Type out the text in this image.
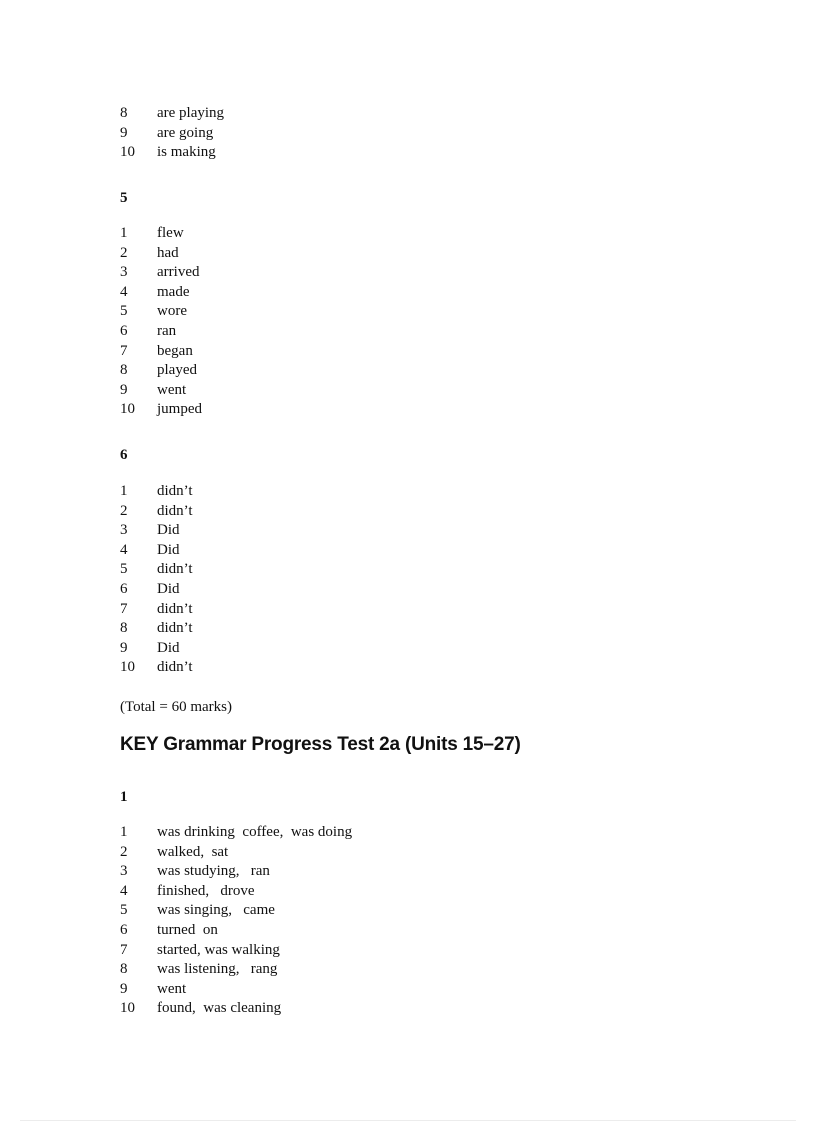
8 are playing
9 are going
10 is making
5
1 flew
2 had
3 arrived
4 made
5 wore
6 ran
7 began
8 played
9 went
10 jumped
6
1 didn’t
2 didn’t
3 Did
4 Did
5 didn’t
6 Did
7 didn’t
8 didn’t
9 Did
10 didn’t
(Total = 60 marks)
KEY Grammar Progress Test 2a (Units 15–27)
1
1 was drinking  coffee,  was doing
2 walked,  sat
3 was studying,   ran
4 finished,   drove
5 was singing,   came
6 turned  on
7 started, was walking
8 was listening,   rang
9 went
10 found,  was cleaning
